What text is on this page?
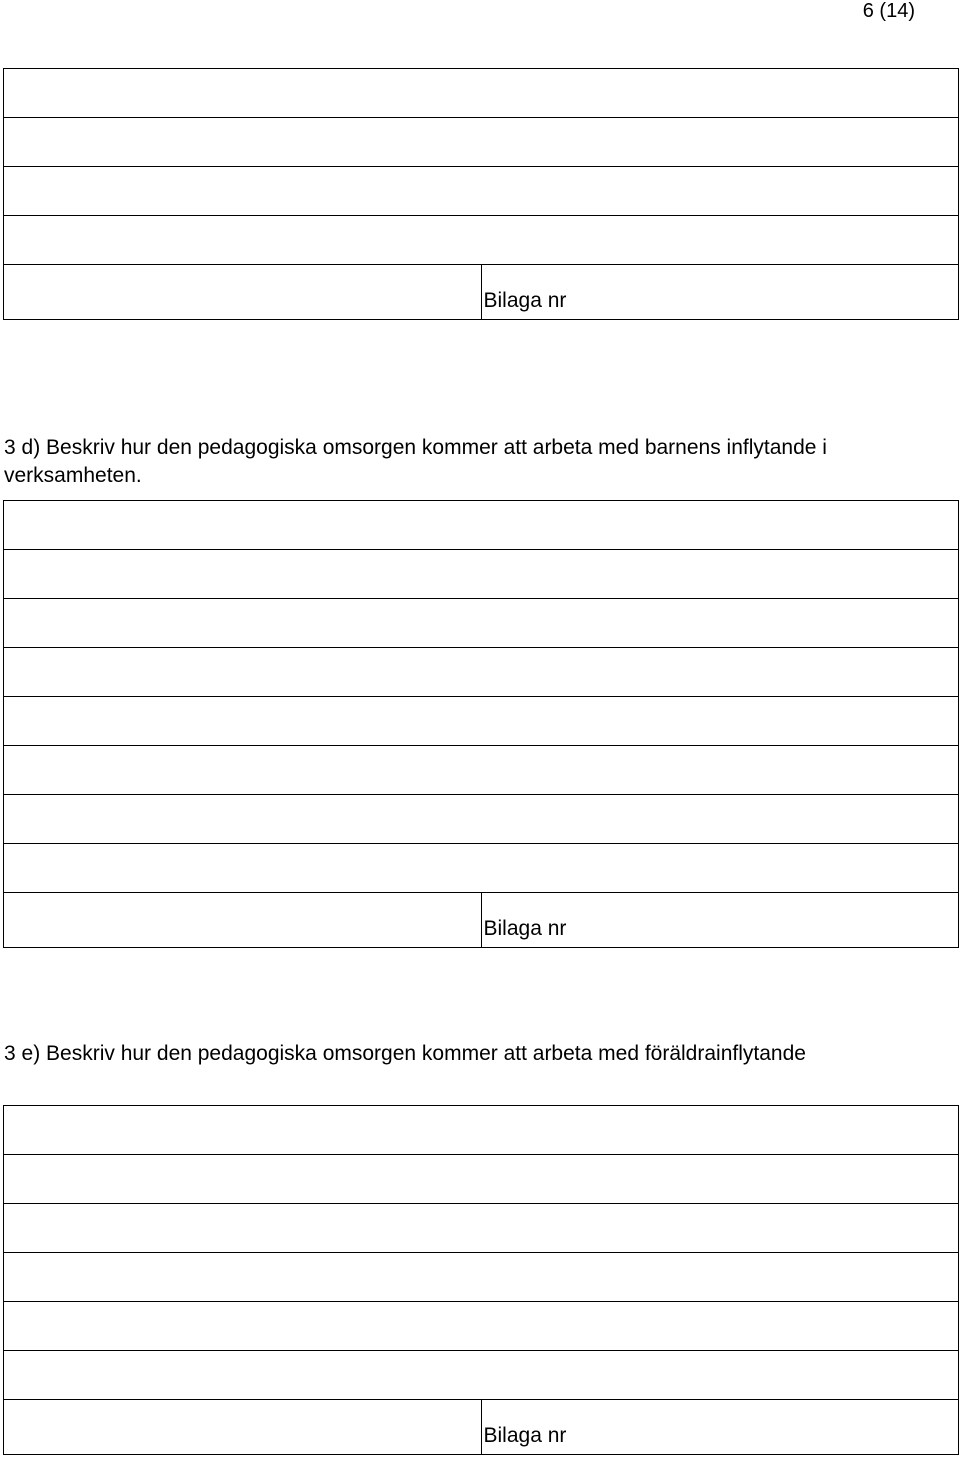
6 (14)

	Bilaga nr
3 d) Beskriv hur den pedagogiska omsorgen kommer att arbeta med barnens inflytande i verksamheten.

	Bilaga nr
3 e) Beskriv hur den pedagogiska omsorgen kommer att arbeta med föräldrainflytande

	Bilaga nr
